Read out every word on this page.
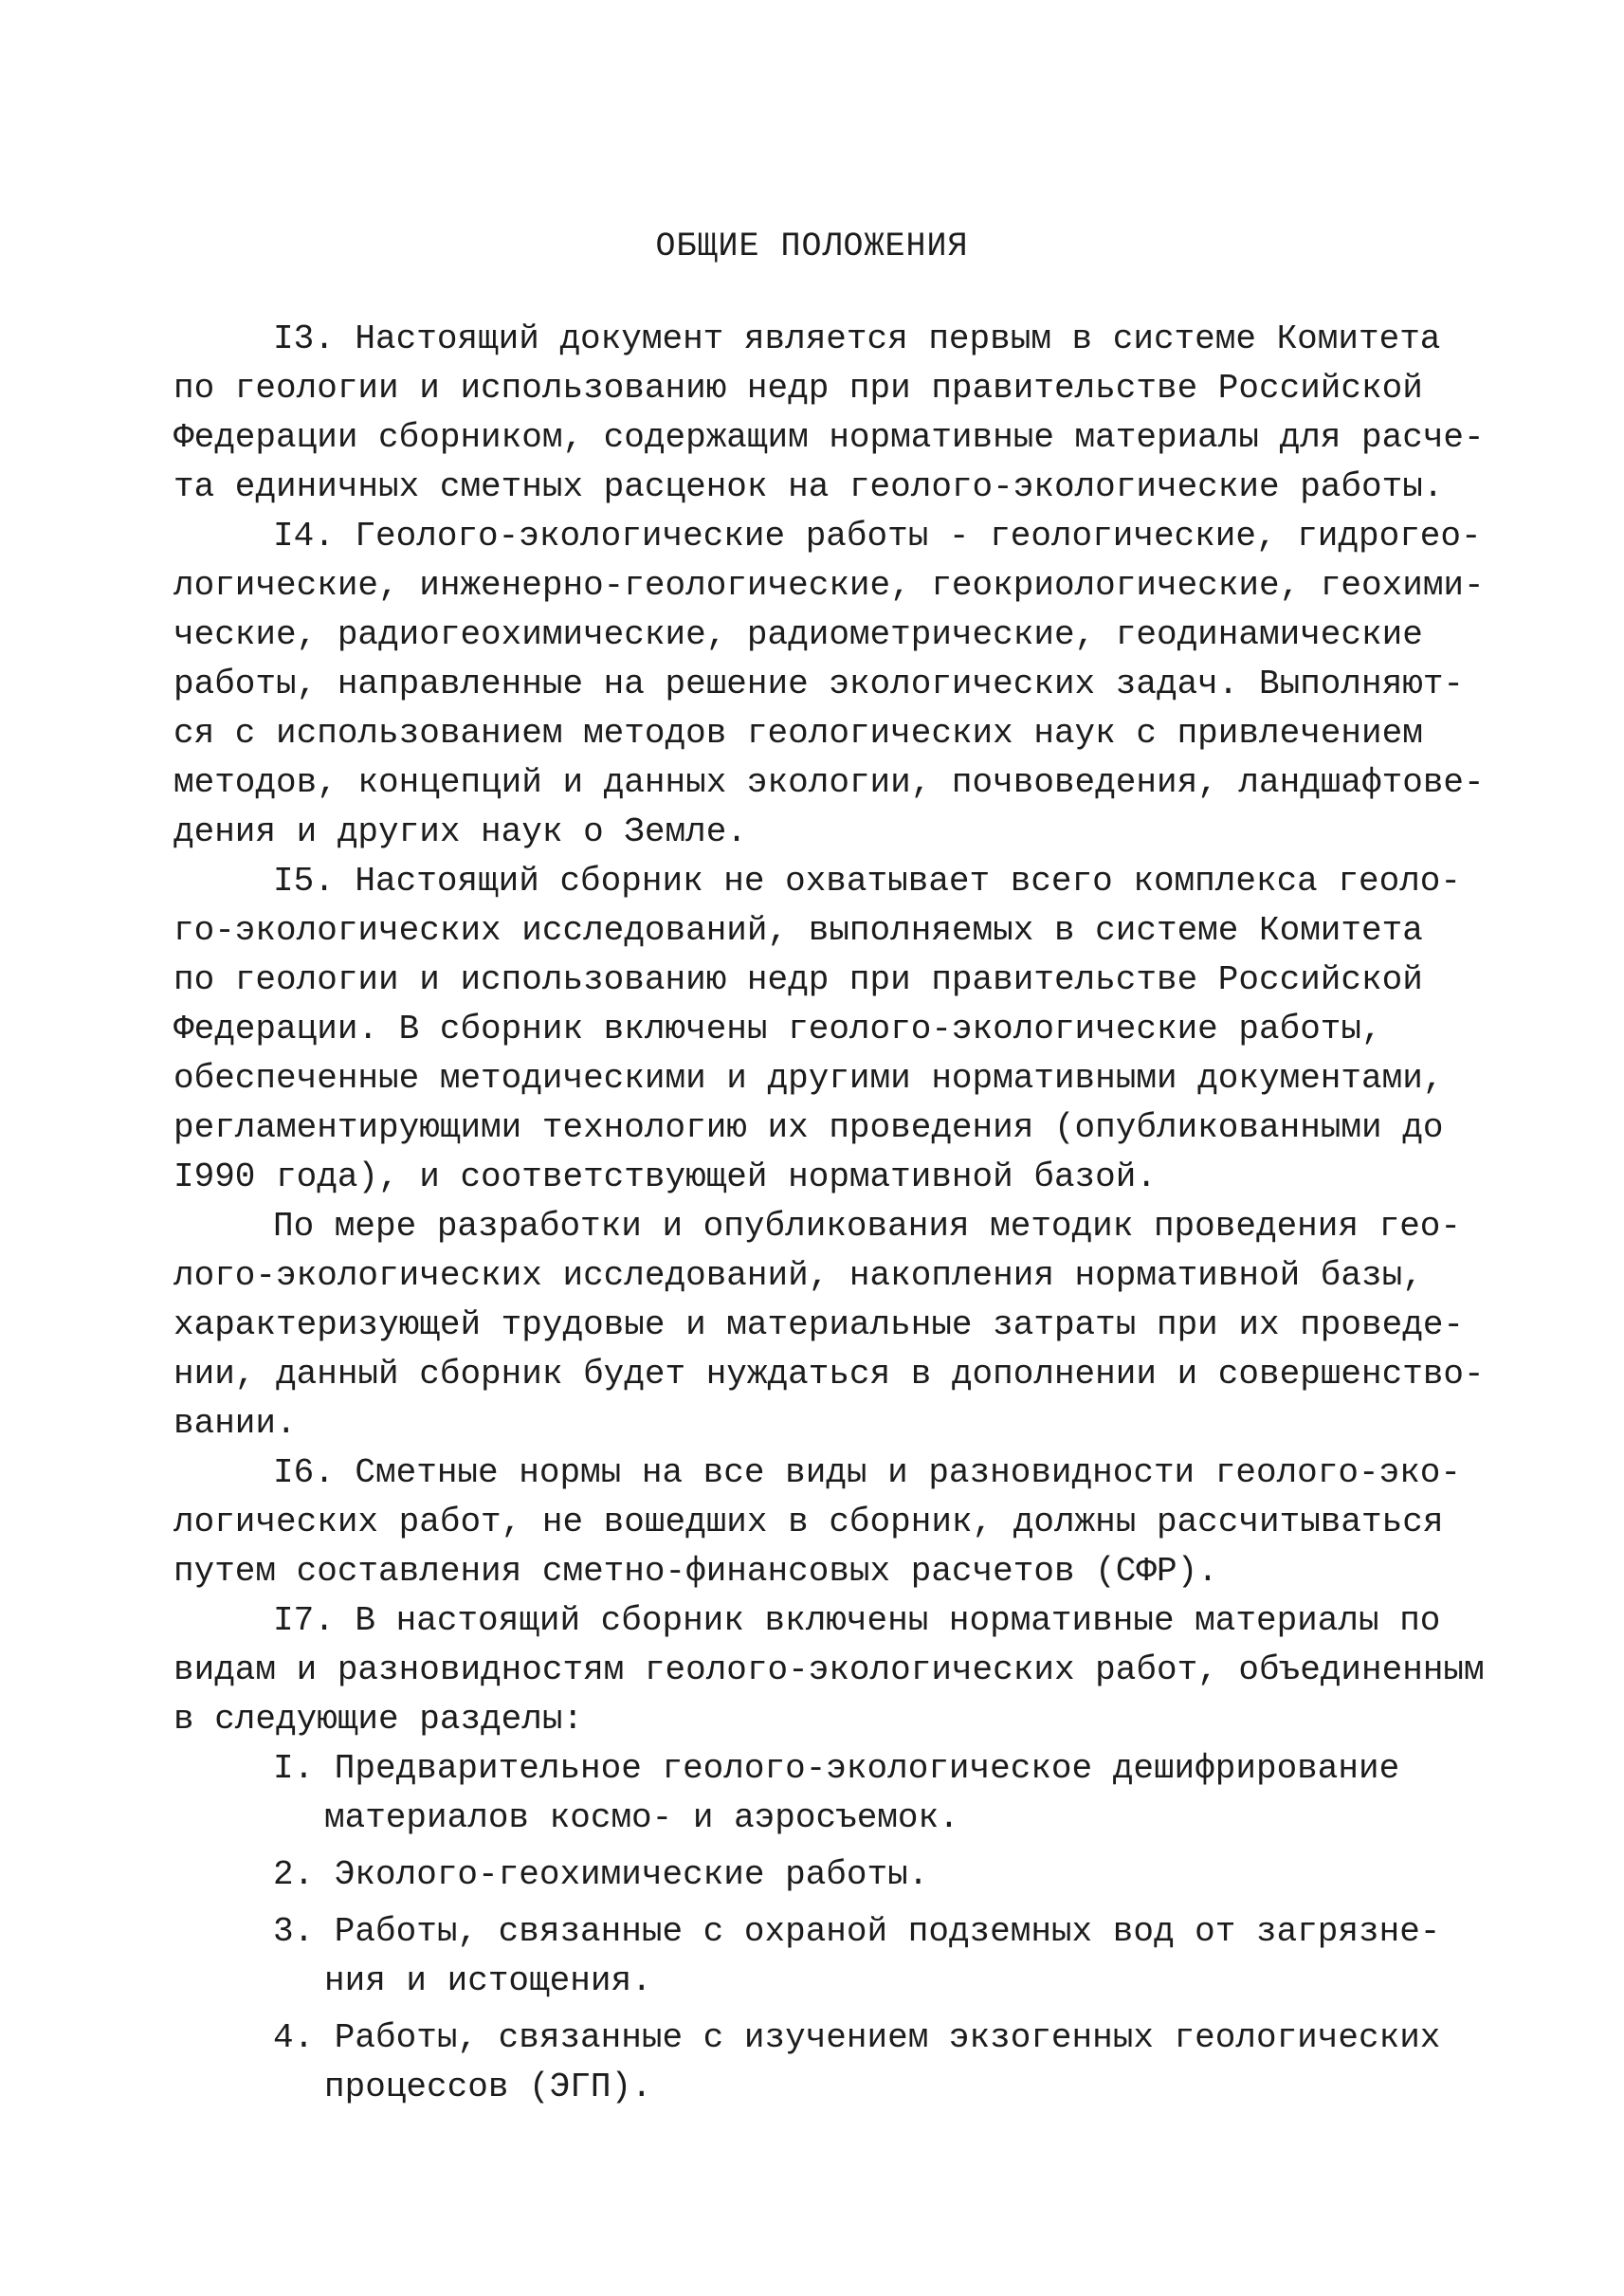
ОБЩИЕ ПОЛОЖЕНИЯ
I3. Настоящий документ является первым в системе Комитета
по геологии и использованию недр при правительстве Российской
Федерации сборником, содержащим нормативные материалы для расче-
та единичных сметных расценок на геолого-экологические работы.
I4. Геолого-экологические работы - геологические, гидрогео-
логические, инженерно-геологические, геокриологические, геохими-
ческие, радиогеохимические, радиометрические, геодинамические
работы, направленные на решение экологических задач. Выполняют-
ся с использованием методов геологических наук с привлечением
методов, концепций и данных экологии, почвоведения, ландшафтове-
дения и других наук о Земле.
I5. Настоящий сборник не охватывает всего комплекса геоло-
го-экологических исследований, выполняемых в системе Комитета
по геологии и использованию недр при правительстве Российской
Федерации. В сборник включены геолого-экологические работы,
обеспеченные методическими и другими нормативными документами,
регламентирующими технологию их проведения (опубликованными до
I990 года), и соответствующей нормативной базой.
По мере разработки и опубликования методик проведения гео-
лого-экологических исследований, накопления нормативной базы,
характеризующей трудовые и материальные затраты при их проведе-
нии, данный сборник будет нуждаться в дополнении и совершенство-
вании.
I6. Сметные нормы на все виды и разновидности геолого-эко-
логических работ, не вошедших в сборник, должны рассчитываться
путем составления сметно-финансовых расчетов (СФР).
I7. В настоящий сборник включены нормативные материалы по
видам и разновидностям геолого-экологических работ, объединенным
в следующие разделы:
I. Предварительное геолого-экологическое дешифрирование
материалов космо- и аэросъемок.
2. Эколого-геохимические работы.
3. Работы, связанные с охраной подземных вод от загрязне-
ния и истощения.
4. Работы, связанные с изучением экзогенных геологических
процессов (ЭГП).
